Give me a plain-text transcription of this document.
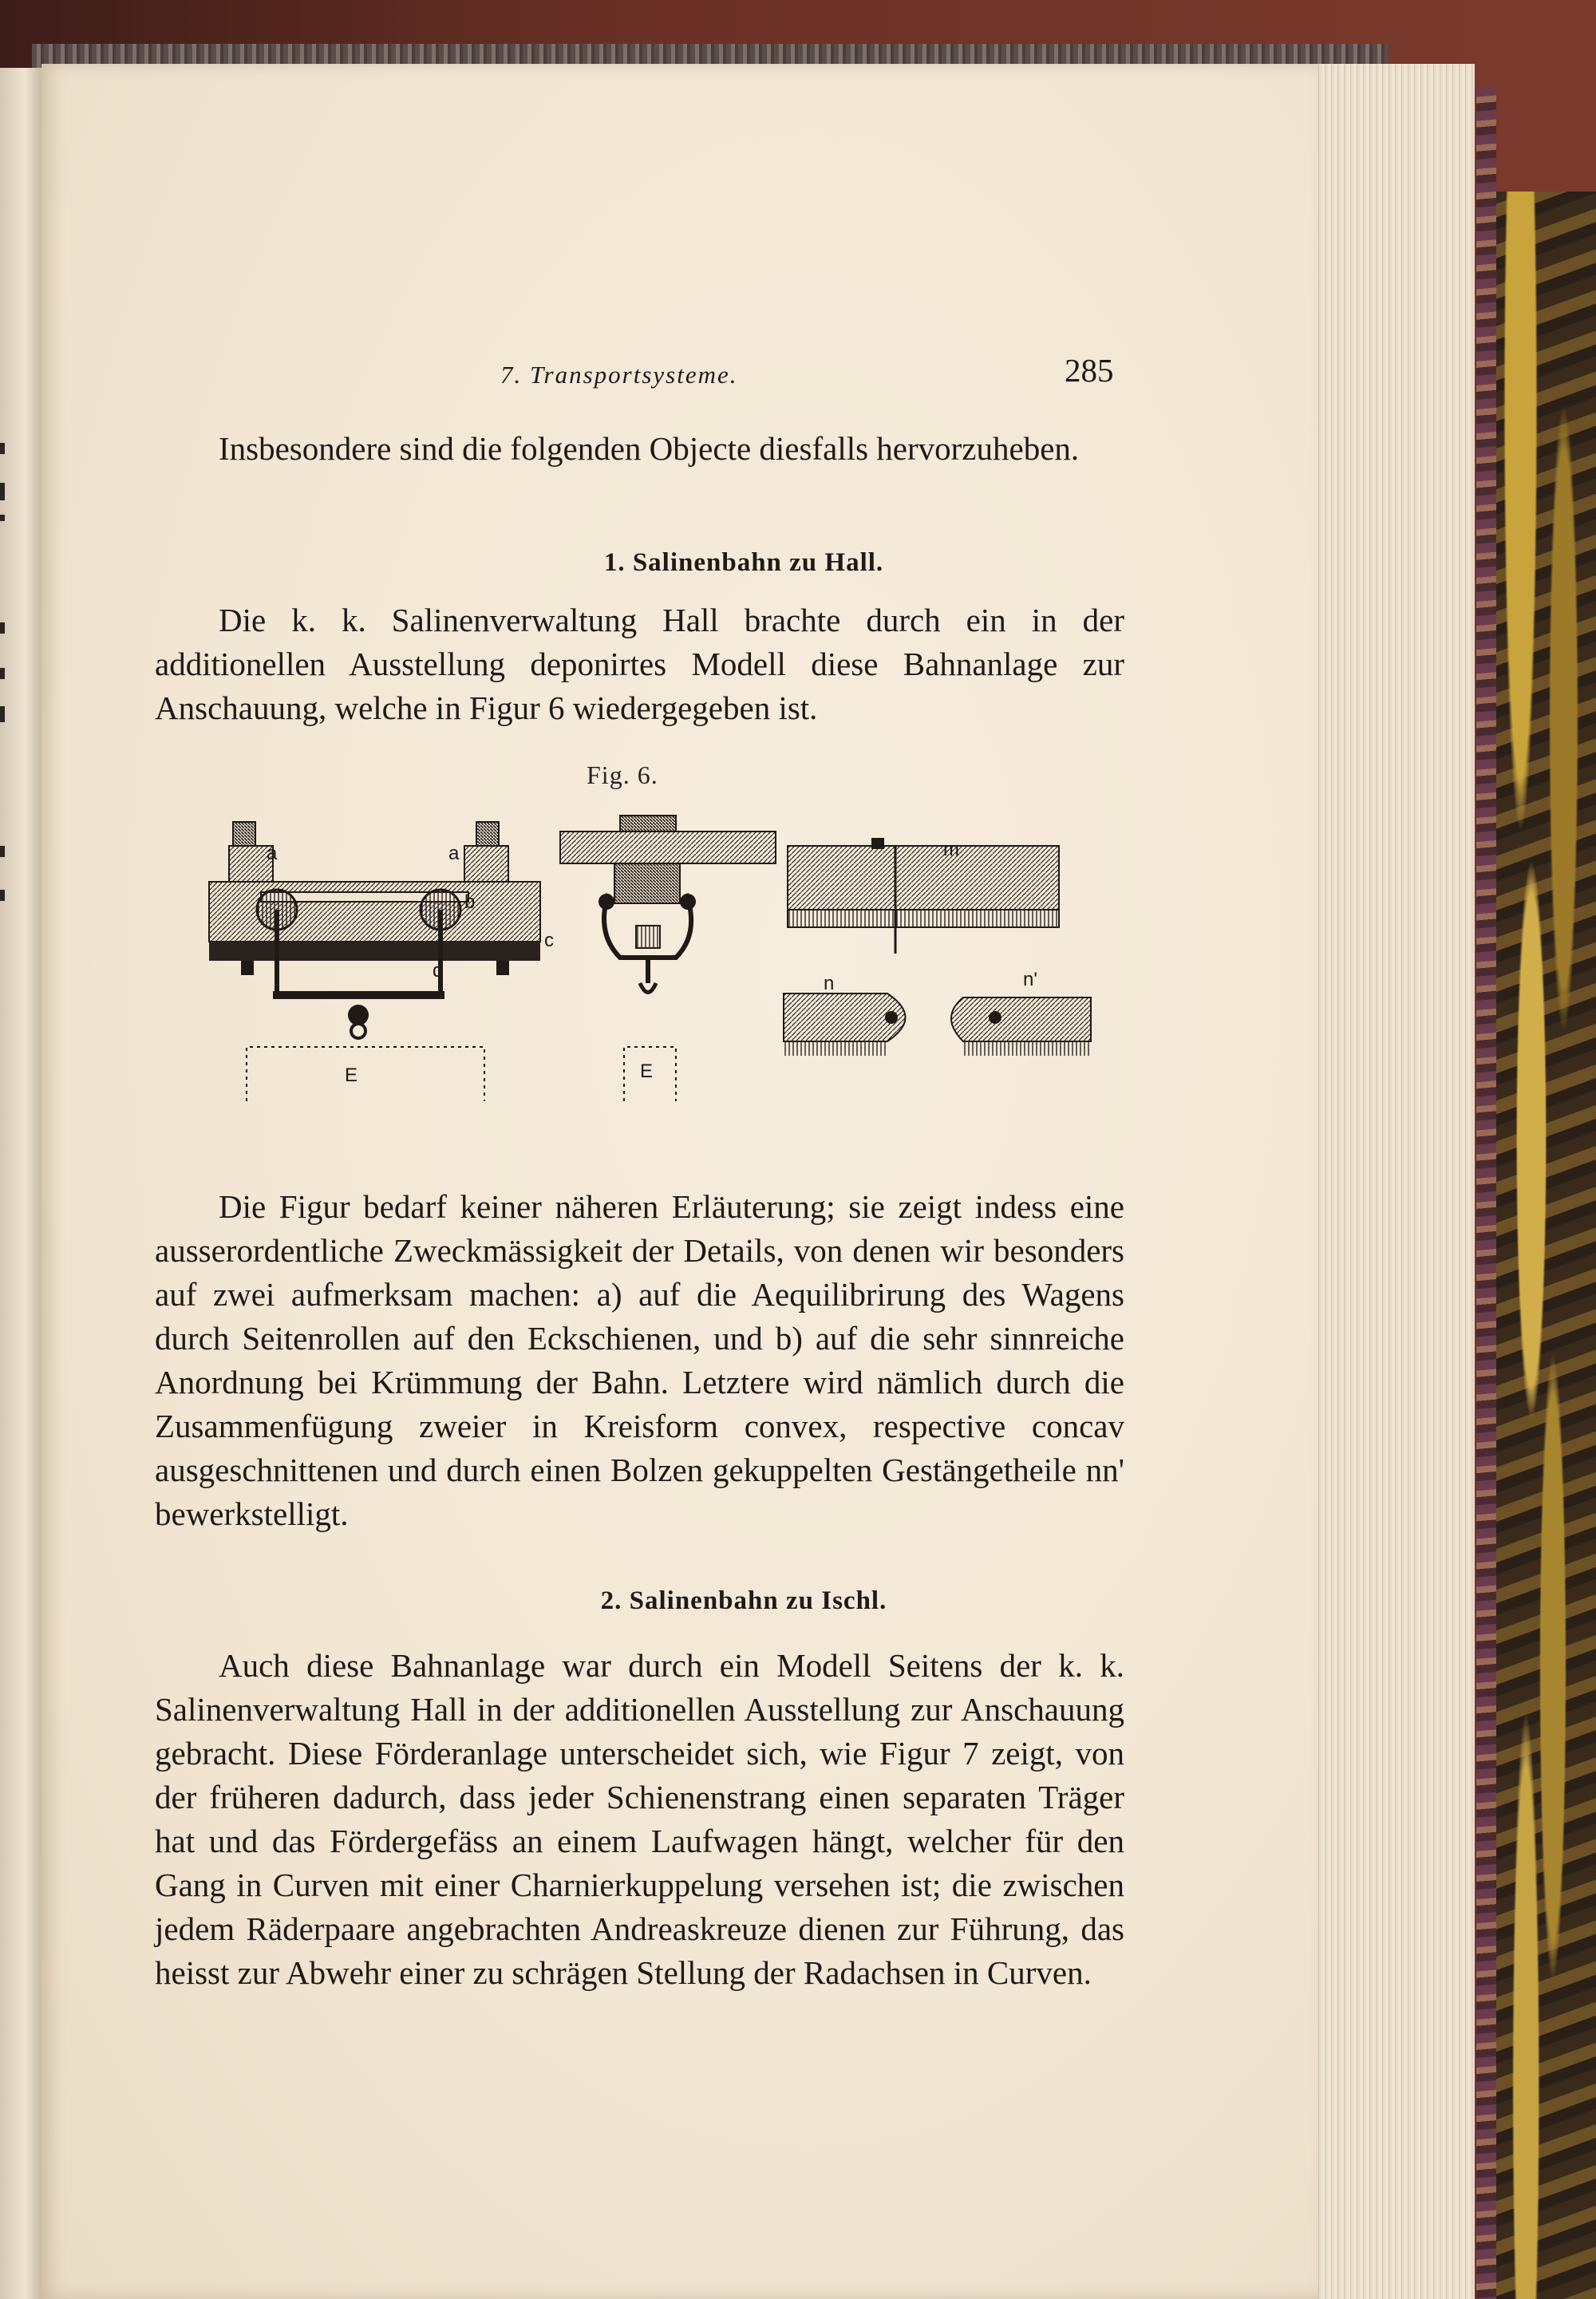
7. Transportsysteme.	285

Insbesondere sind die folgenden Objecte diesfalls hervorzuheben.

1. Salinenbahn zu Hall.

Die k. k. Salinenverwaltung Hall brachte durch ein in der additionellen Ausstellung deponirtes Modell diese Bahnanlage zur Anschauung, welche in Figur 6 wiedergegeben ist.

Fig. 6.
a	a
b
c
d
E	E
m
n	n'

Die Figur bedarf keiner näheren Erläuterung; sie zeigt indess eine ausserordentliche Zweckmässigkeit der Details, von denen wir besonders auf zwei aufmerksam machen: a) auf die Aequilibrirung des Wagens durch Seitenrollen auf den Eckschienen, und b) auf die sehr sinnreiche Anordnung bei Krümmung der Bahn. Letztere wird nämlich durch die Zusammenfügung zweier in Kreisform convex, respective concav ausgeschnittenen und durch einen Bolzen gekuppelten Gestängetheile nn' bewerkstelligt.

2. Salinenbahn zu Ischl.

Auch diese Bahnanlage war durch ein Modell Seitens der k. k. Salinenverwaltung Hall in der additionellen Ausstellung zur Anschauung gebracht. Diese Förderanlage unterscheidet sich, wie Figur 7 zeigt, von der früheren dadurch, dass jeder Schienenstrang einen separaten Träger hat und das Fördergefäss an einem Laufwagen hängt, welcher für den Gang in Curven mit einer Charnierkuppelung versehen ist; die zwischen jedem Räderpaare angebrachten Andreaskreuze dienen zur Führung, das heisst zur Abwehr einer zu schrägen Stellung der Radachsen in Curven.
